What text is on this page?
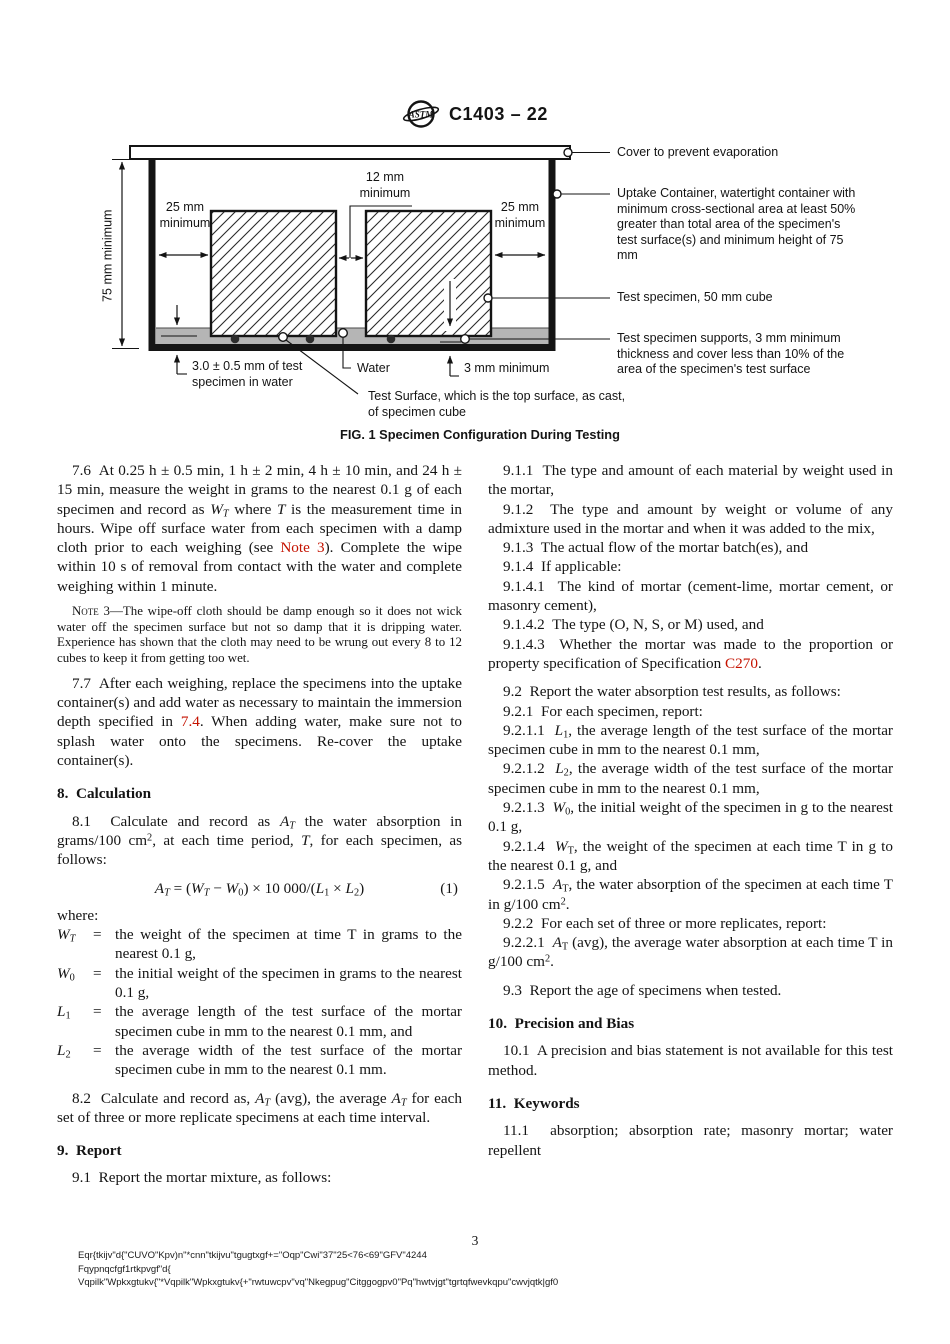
ASTM C1403 – 22
75 mm minimum
25 mm minimum
25 mm minimum
12 mm minimum
Cover to prevent evaporation
Uptake Container, watertight container with minimum cross-sectional area at least 50% greater than total area of the specimen's test surface(s) and minimum height of 75 mm
Test specimen, 50 mm cube
Test specimen supports, 3 mm minimum thickness and cover less than 10% of the area of the specimen's test surface
3.0 ± 0.5 mm of test specimen in water
Water	3 mm minimum
Test Surface, which is the top surface, as cast, of specimen cube
FIG. 1 Specimen Configuration During Testing

7.6  At 0.25 h ± 0.5 min, 1 h ± 2 min, 4 h ± 10 min, and 24 h ± 15 min, measure the weight in grams to the nearest 0.1 g of each specimen and record as $W_T$ where T is the measurement time in hours. Wipe off surface water from each specimen with a damp cloth prior to each weighing (see Note 3). Complete the wipe within 10 s of removal from contact with the water and complete weighing within 1 minute.

Note 3—The wipe-off cloth should be damp enough so it does not wick water off the specimen surface but not so damp that it is dripping water. Experience has shown that the cloth may need to be wrung out every 8 to 12 cubes to keep it from getting too wet.

7.7  After each weighing, replace the specimens into the uptake container(s) and add water as necessary to maintain the immersion depth specified in 7.4. When adding water, make sure not to splash water onto the specimens. Re-cover the uptake container(s).

8.  Calculation

8.1  Calculate and record as $A_T$ the water absorption in grams/100 $cm^2$, at each time period, T, for each specimen, as follows:

$A_T = (W_T - W_0) \times 10$ $000/(L_1 \times L_2)$	(1)

where:

$W_T$	= the weight of the specimen at time T in grams to the nearest 0.1 g,
$W_0$	= the initial weight of the specimen in grams to the nearest 0.1 g,
$L_1$	= the average length of the test surface of the mortar specimen cube in mm to the nearest 0.1 mm, and
$L_2$	= the average width of the test surface of the mortar specimen cube in mm to the nearest 0.1 mm.

8.2  Calculate and record as, $A_T$ (avg), the average $A_T$ for each set of three or more replicate specimens at each time interval.

9.  Report

9.1  Report the mortar mixture, as follows:

9.1.1  The type and amount of each material by weight used in the mortar,

9.1.2  The type and amount by weight or volume of any admixture used in the mortar and when it was added to the mix,

9.1.3  The actual flow of the mortar batch(es), and

9.1.4  If applicable:

9.1.4.1  The kind of mortar (cement-lime, mortar cement, or masonry cement),

9.1.4.2  The type (O, N, S, or M) used, and

9.1.4.3  Whether the mortar was made to the proportion or property specification of Specification C270.

9.2  Report the water absorption test results, as follows:

9.2.1  For each specimen, report:

9.2.1.1  $L_1$, the average length of the test surface of the mortar specimen cube in mm to the nearest 0.1 mm,

9.2.1.2  $L_2$, the average width of the test surface of the mortar specimen cube in mm to the nearest 0.1 mm,

9.2.1.3  $W_0$, the initial weight of the specimen in g to the nearest 0.1 g,

9.2.1.4  $W_T$, the weight of the specimen at each time T in g to the nearest 0.1 g, and

9.2.1.5  $A_T$, the water absorption of the specimen at each time T in g/100 $cm^2$.

9.2.2  For each set of three or more replicates, report:

9.2.2.1  $A_T$ (avg), the average water absorption at each time T in g/100 $cm^2$.

9.3  Report the age of specimens when tested.

10.  Precision and Bias

10.1  A precision and bias statement is not available for this test method.

11.  Keywords

11.1  absorption; absorption rate; masonry mortar; water repellent

3
Eqr{tkijv"d{"CUVO"Kpv)n"*cnn"tkijvu"tgugtxgf+="Oqp"Cwi"37"25<76<69"GFV"4244
Fqypnqcfgf1rtkpvgf"d{
Vqpilk"Wpkxgtukv{"*Vqpilk"Wpkxgtukv{+"rwtuwcpv"vq"Nkegpug"Citggogpv0"Pq"hwtvjgt"tgrtqfwevkqpu"cwvjqtk|gf0
